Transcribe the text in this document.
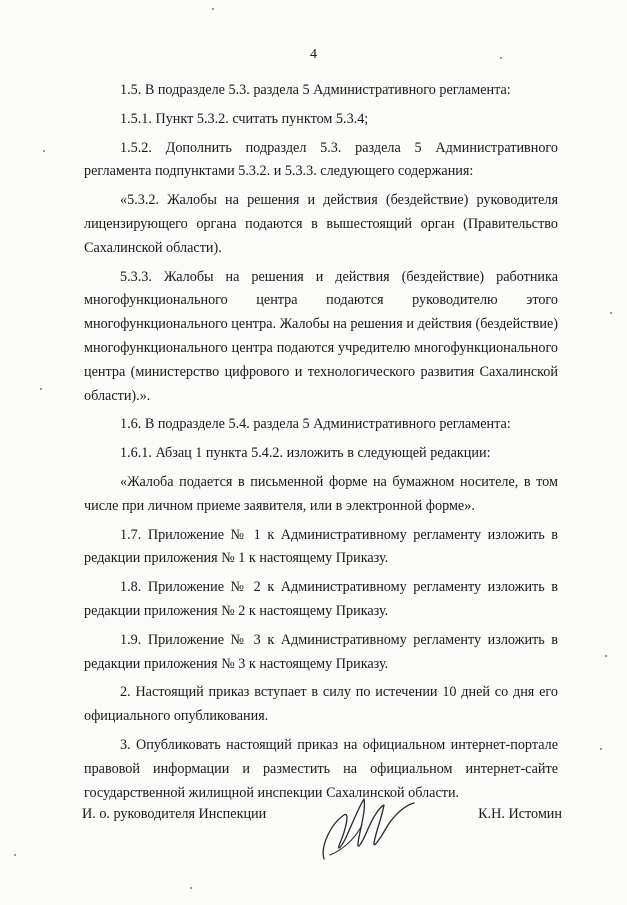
4

1.5. В подразделе 5.3. раздела 5 Административного регламента:

1.5.1. Пункт 5.3.2. считать пунктом 5.3.4;

1.5.2. Дополнить подраздел 5.3. раздела 5 Административного регламента подпунктами 5.3.2. и 5.3.3. следующего содержания:

«5.3.2. Жалобы на решения и действия (бездействие) руководителя лицензирующего органа подаются в вышестоящий орган (Правительство Сахалинской области).

5.3.3. Жалобы на решения и действия (бездействие) работника многофункционального центра подаются руководителю этого многофункционального центра. Жалобы на решения и действия (бездействие) многофункционального центра подаются учредителю многофункционального центра (министерство цифрового и технологического развития Сахалинской области).».

1.6. В подразделе 5.4. раздела 5 Административного регламента:

1.6.1. Абзац 1 пункта 5.4.2. изложить в следующей редакции:

«Жалоба подается в письменной форме на бумажном носителе, в том числе при личном приеме заявителя, или в электронной форме».

1.7. Приложение № 1 к Административному регламенту изложить в редакции приложения № 1 к настоящему Приказу.

1.8. Приложение № 2 к Административному регламенту изложить в редакции приложения № 2 к настоящему Приказу.

1.9. Приложение № 3 к Административному регламенту изложить в редакции приложения № 3 к настоящему Приказу.

2. Настоящий приказ вступает в силу по истечении 10 дней со дня его официального опубликования.

3. Опубликовать настоящий приказ на официальном интернет-портале правовой информации и разместить на официальном интернет-сайте государственной жилищной инспекции Сахалинской области.

И. о. руководителя Инспекции	К.Н. Истомин
